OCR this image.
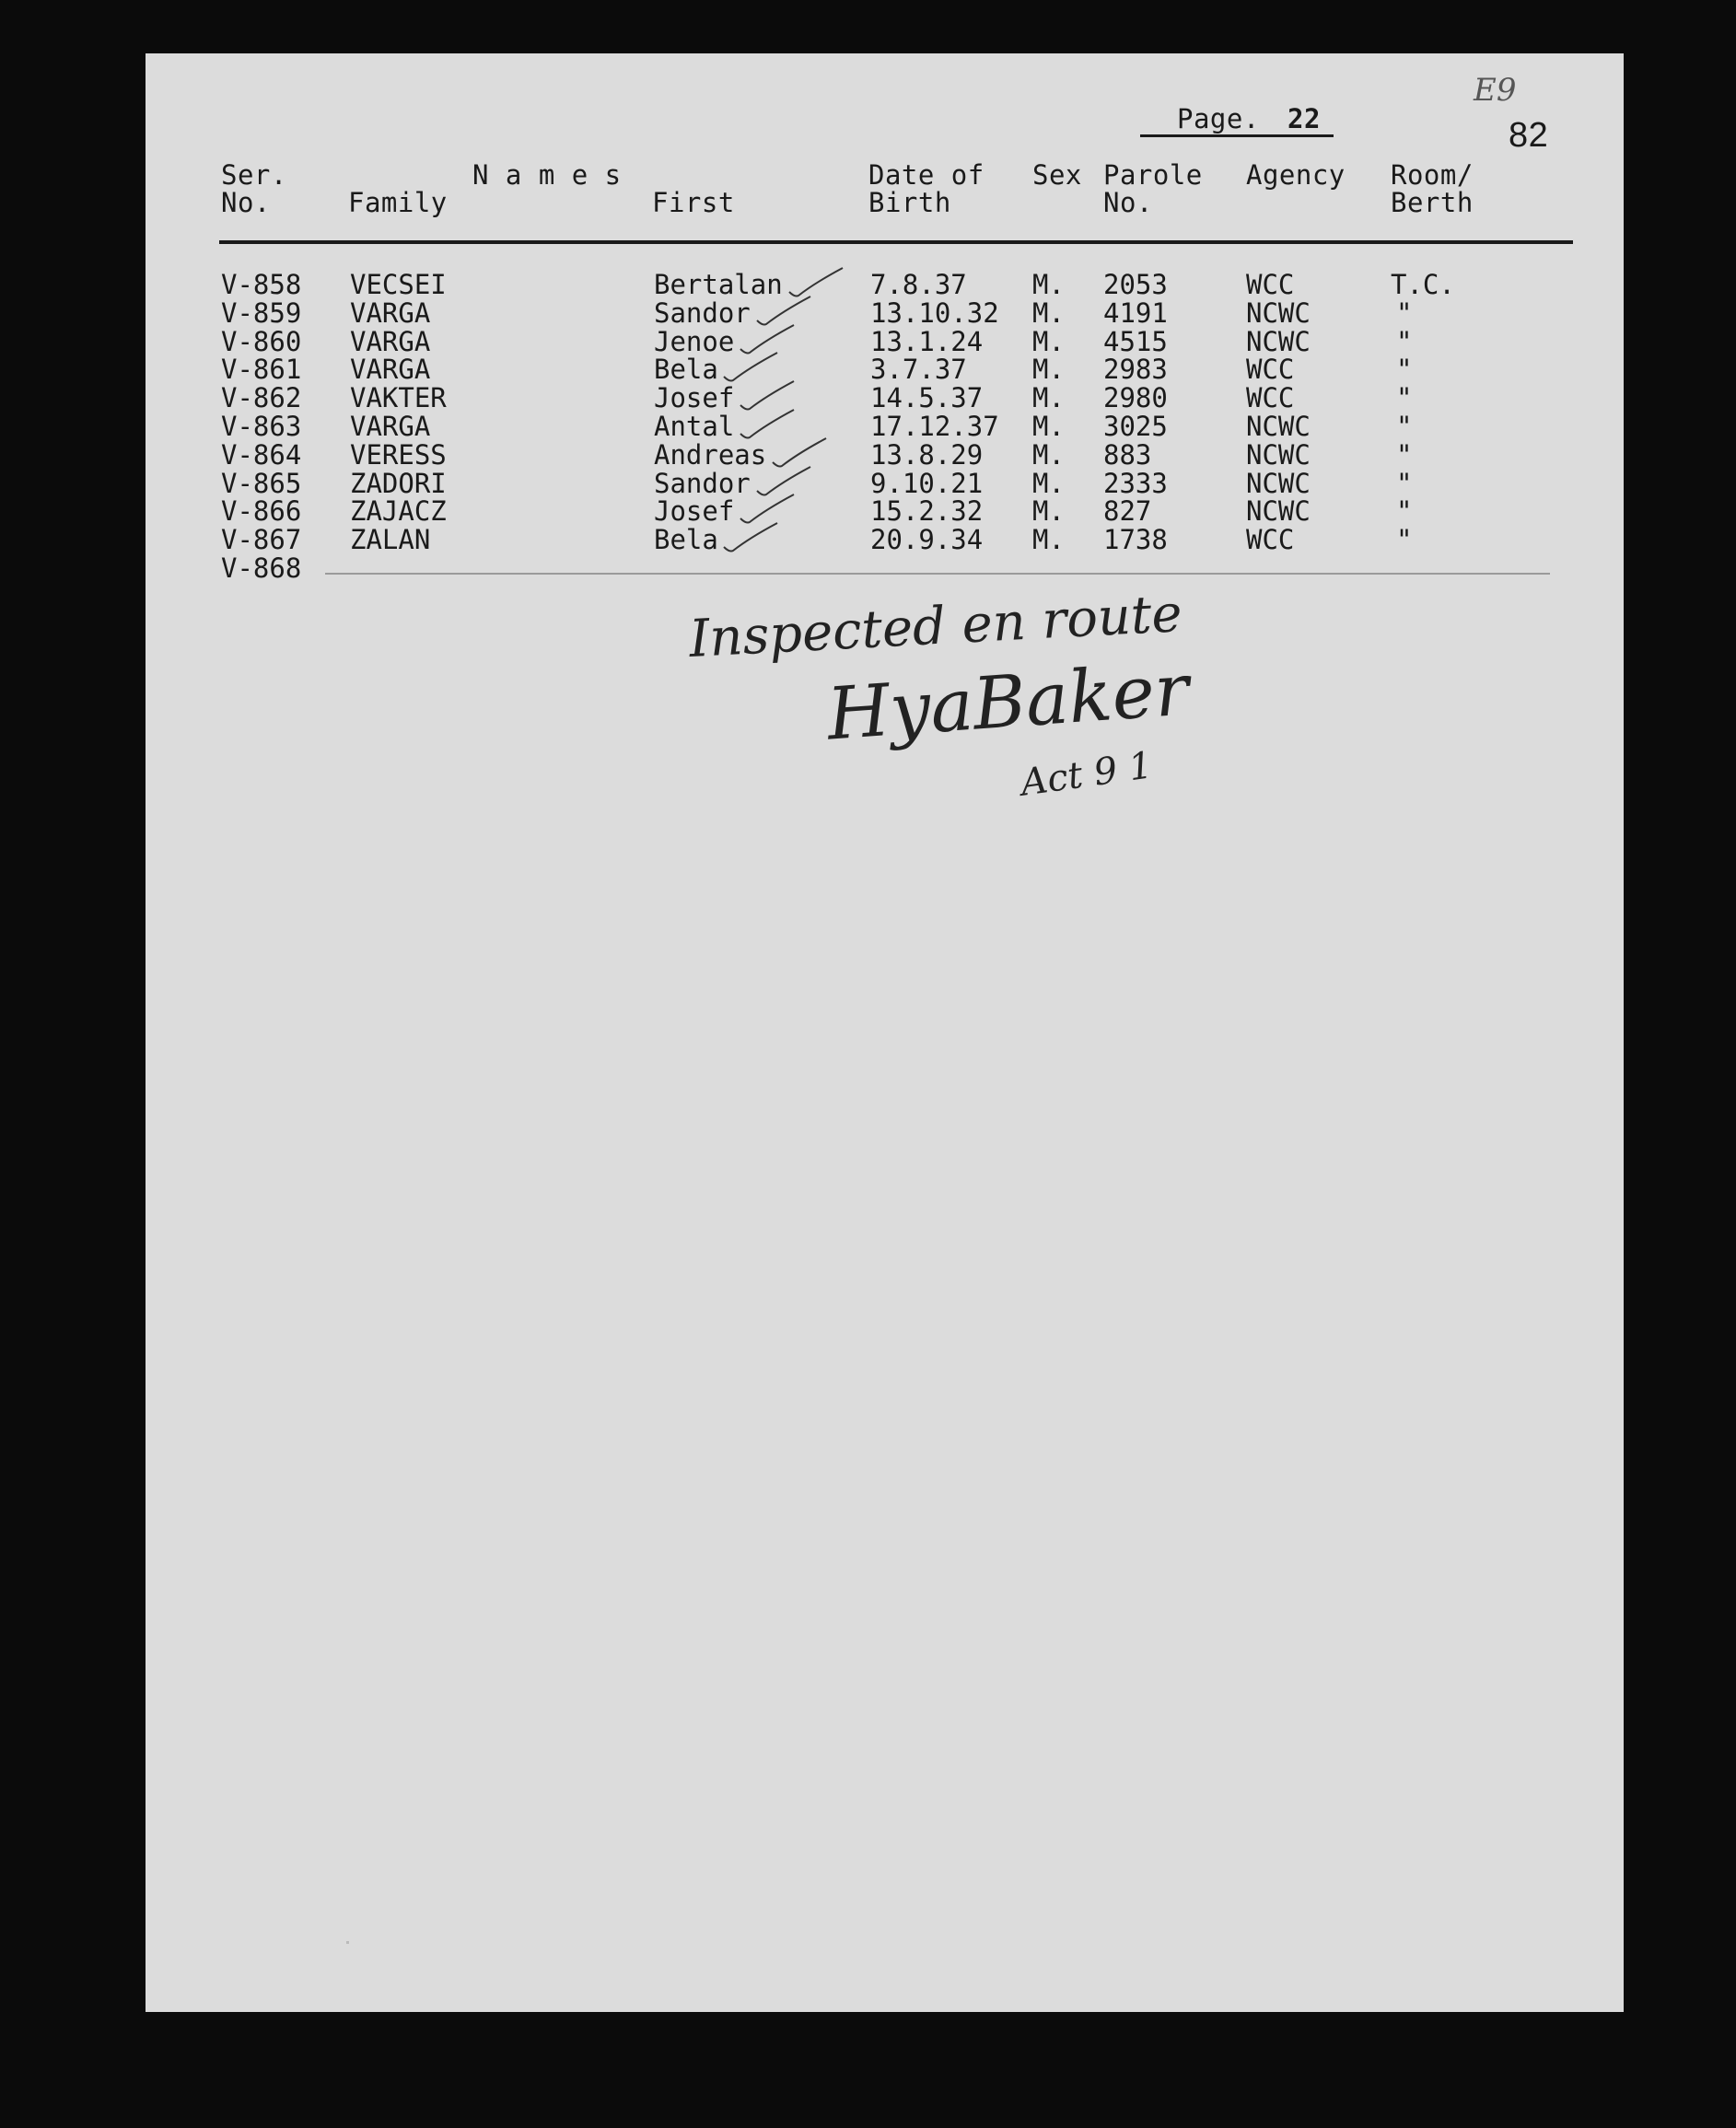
E9
Page. 22	82
Ser.
No.
N a m e s
Family	First
Date of
Birth
Sex Parole
No.
Agency Room/
Berth
V-858 VECSEI	Bertalan	7.8.37 M. 2053	WCC	T.C.
V-859 VARGA	Sandor	13.10.32 M. 4191	NCWC	"
V-860 VARGA	Jenoe	13.1.24 M. 4515	NCWC	"
V-861 VARGA	Bela	3.7.37 M. 2983	WCC	"
V-862 VAKTER	Josef	14.5.37 M. 2980	WCC	"
V-863 VARGA	Antal	17.12.37 M. 3025	NCWC	"
V-864 VERESS	Andreas	13.8.29 M. 883	NCWC	"
V-865 ZADORI	Sandor	9.10.21 M. 2333	NCWC	"
V-866 ZAJACZ	Josef	15.2.32 M. 827	NCWC	"
V-867 ZALAN	Bela	20.9.34 M. 1738	WCC	"
V-868
Inspected en route
HyaBaker
Act 9 1
